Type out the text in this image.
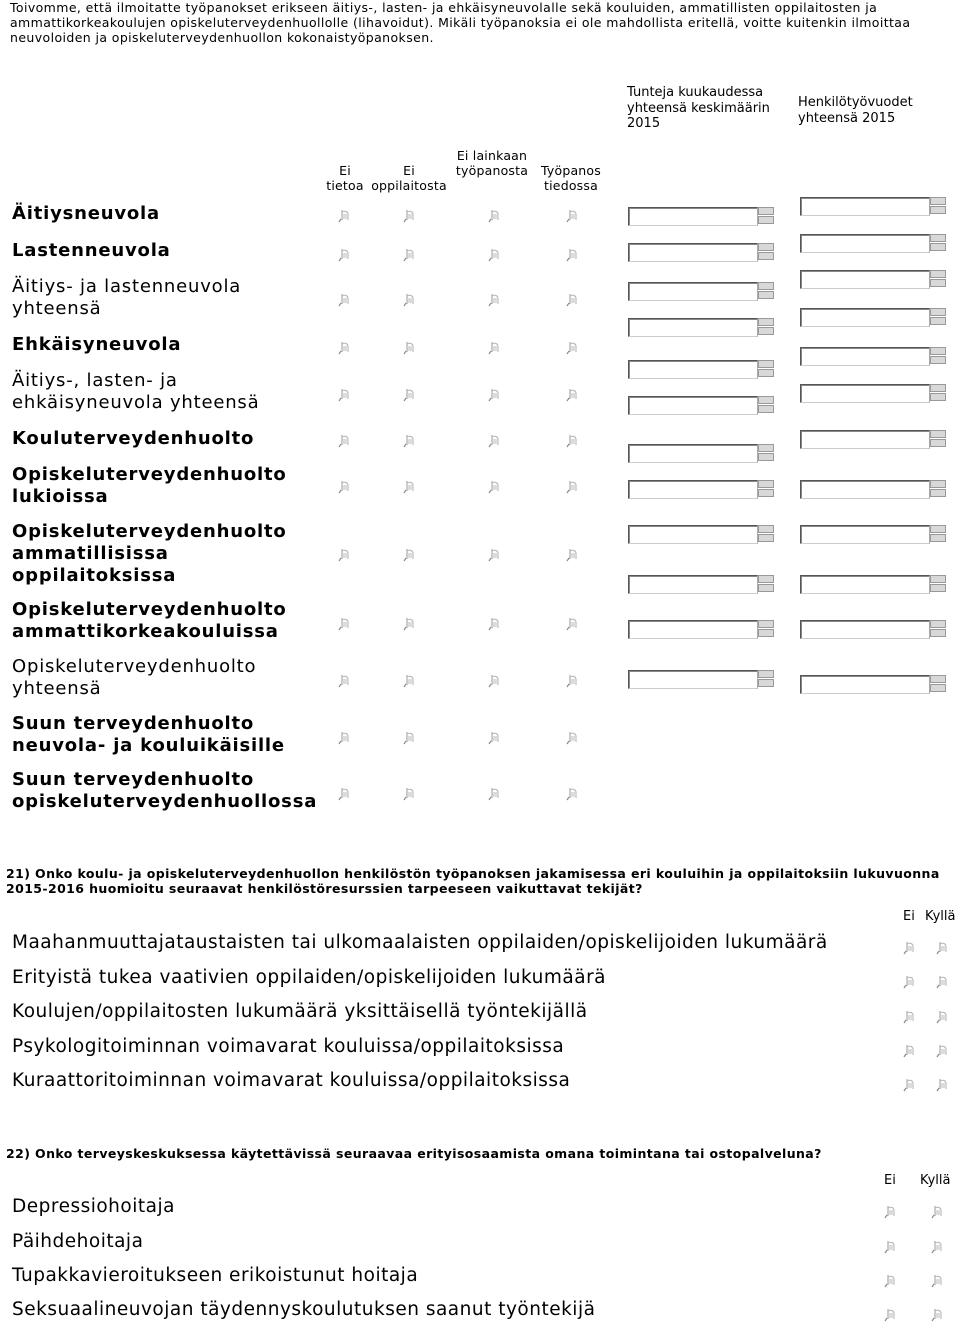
Toivomme, että ilmoitatte työpanokset erikseen äitiys-, lasten- ja ehkäisyneuvolalle sekä kouluiden, ammatillisten oppilaitosten ja ammattikorkeakoulujen opiskeluterveydenhuollolle (lihavoidut). Mikäli työpanoksia ei ole mahdollista eritellä, voitte kuitenkin ilmoittaa neuvoloiden ja opiskeluterveydenhuollon kokonaistyöpanoksen.
Ei tietoa
Ei oppilaitosta
Ei lainkaan työpanosta	Työpanos tiedossa
Tunteja kuukaudessa yhteensä keskimäärin 2015
Henkilötyövuodet yhteensä 2015
Äitiysneuvola
Lastenneuvola
Äitiys- ja lastenneuvola yhteensä
Ehkäisyneuvola
Äitiys-, lasten- ja ehkäisyneuvola yhteensä
Kouluterveydenhuolto
Opiskeluterveydenhuolto lukioissa
Opiskeluterveydenhuolto ammatillisissa oppilaitoksissa
Opiskeluterveydenhuolto ammattikorkeakouluissa
Opiskeluterveydenhuolto yhteensä
Suun terveydenhuolto neuvola- ja kouluikäisille
Suun terveydenhuolto opiskeluterveydenhuollossa
21) Onko koulu- ja opiskeluterveydenhuollon henkilöstön työpanoksen jakamisessa eri kouluihin ja oppilaitoksiin lukuvuonna 2015-2016 huomioitu seuraavat henkilöstöresurssien tarpeeseen vaikuttavat tekijät?
Ei Kyllä
Maahanmuuttajataustaisten tai ulkomaalaisten oppilaiden/opiskelijoiden lukumäärä
Erityistä tukea vaativien oppilaiden/opiskelijoiden lukumäärä
Koulujen/oppilaitosten lukumäärä yksittäisellä työntekijällä
Psykologitoiminnan voimavarat kouluissa/oppilaitoksissa
Kuraattoritoiminnan voimavarat kouluissa/oppilaitoksissa
22) Onko terveyskeskuksessa käytettävissä seuraavaa erityisosaamista omana toimintana tai ostopalveluna?
Ei Kyllä
Depressiohoitaja
Päihdehoitaja
Tupakkavieroitukseen erikoistunut hoitaja
Seksuaalineuvojan täydennyskoulutuksen saanut työntekijä
